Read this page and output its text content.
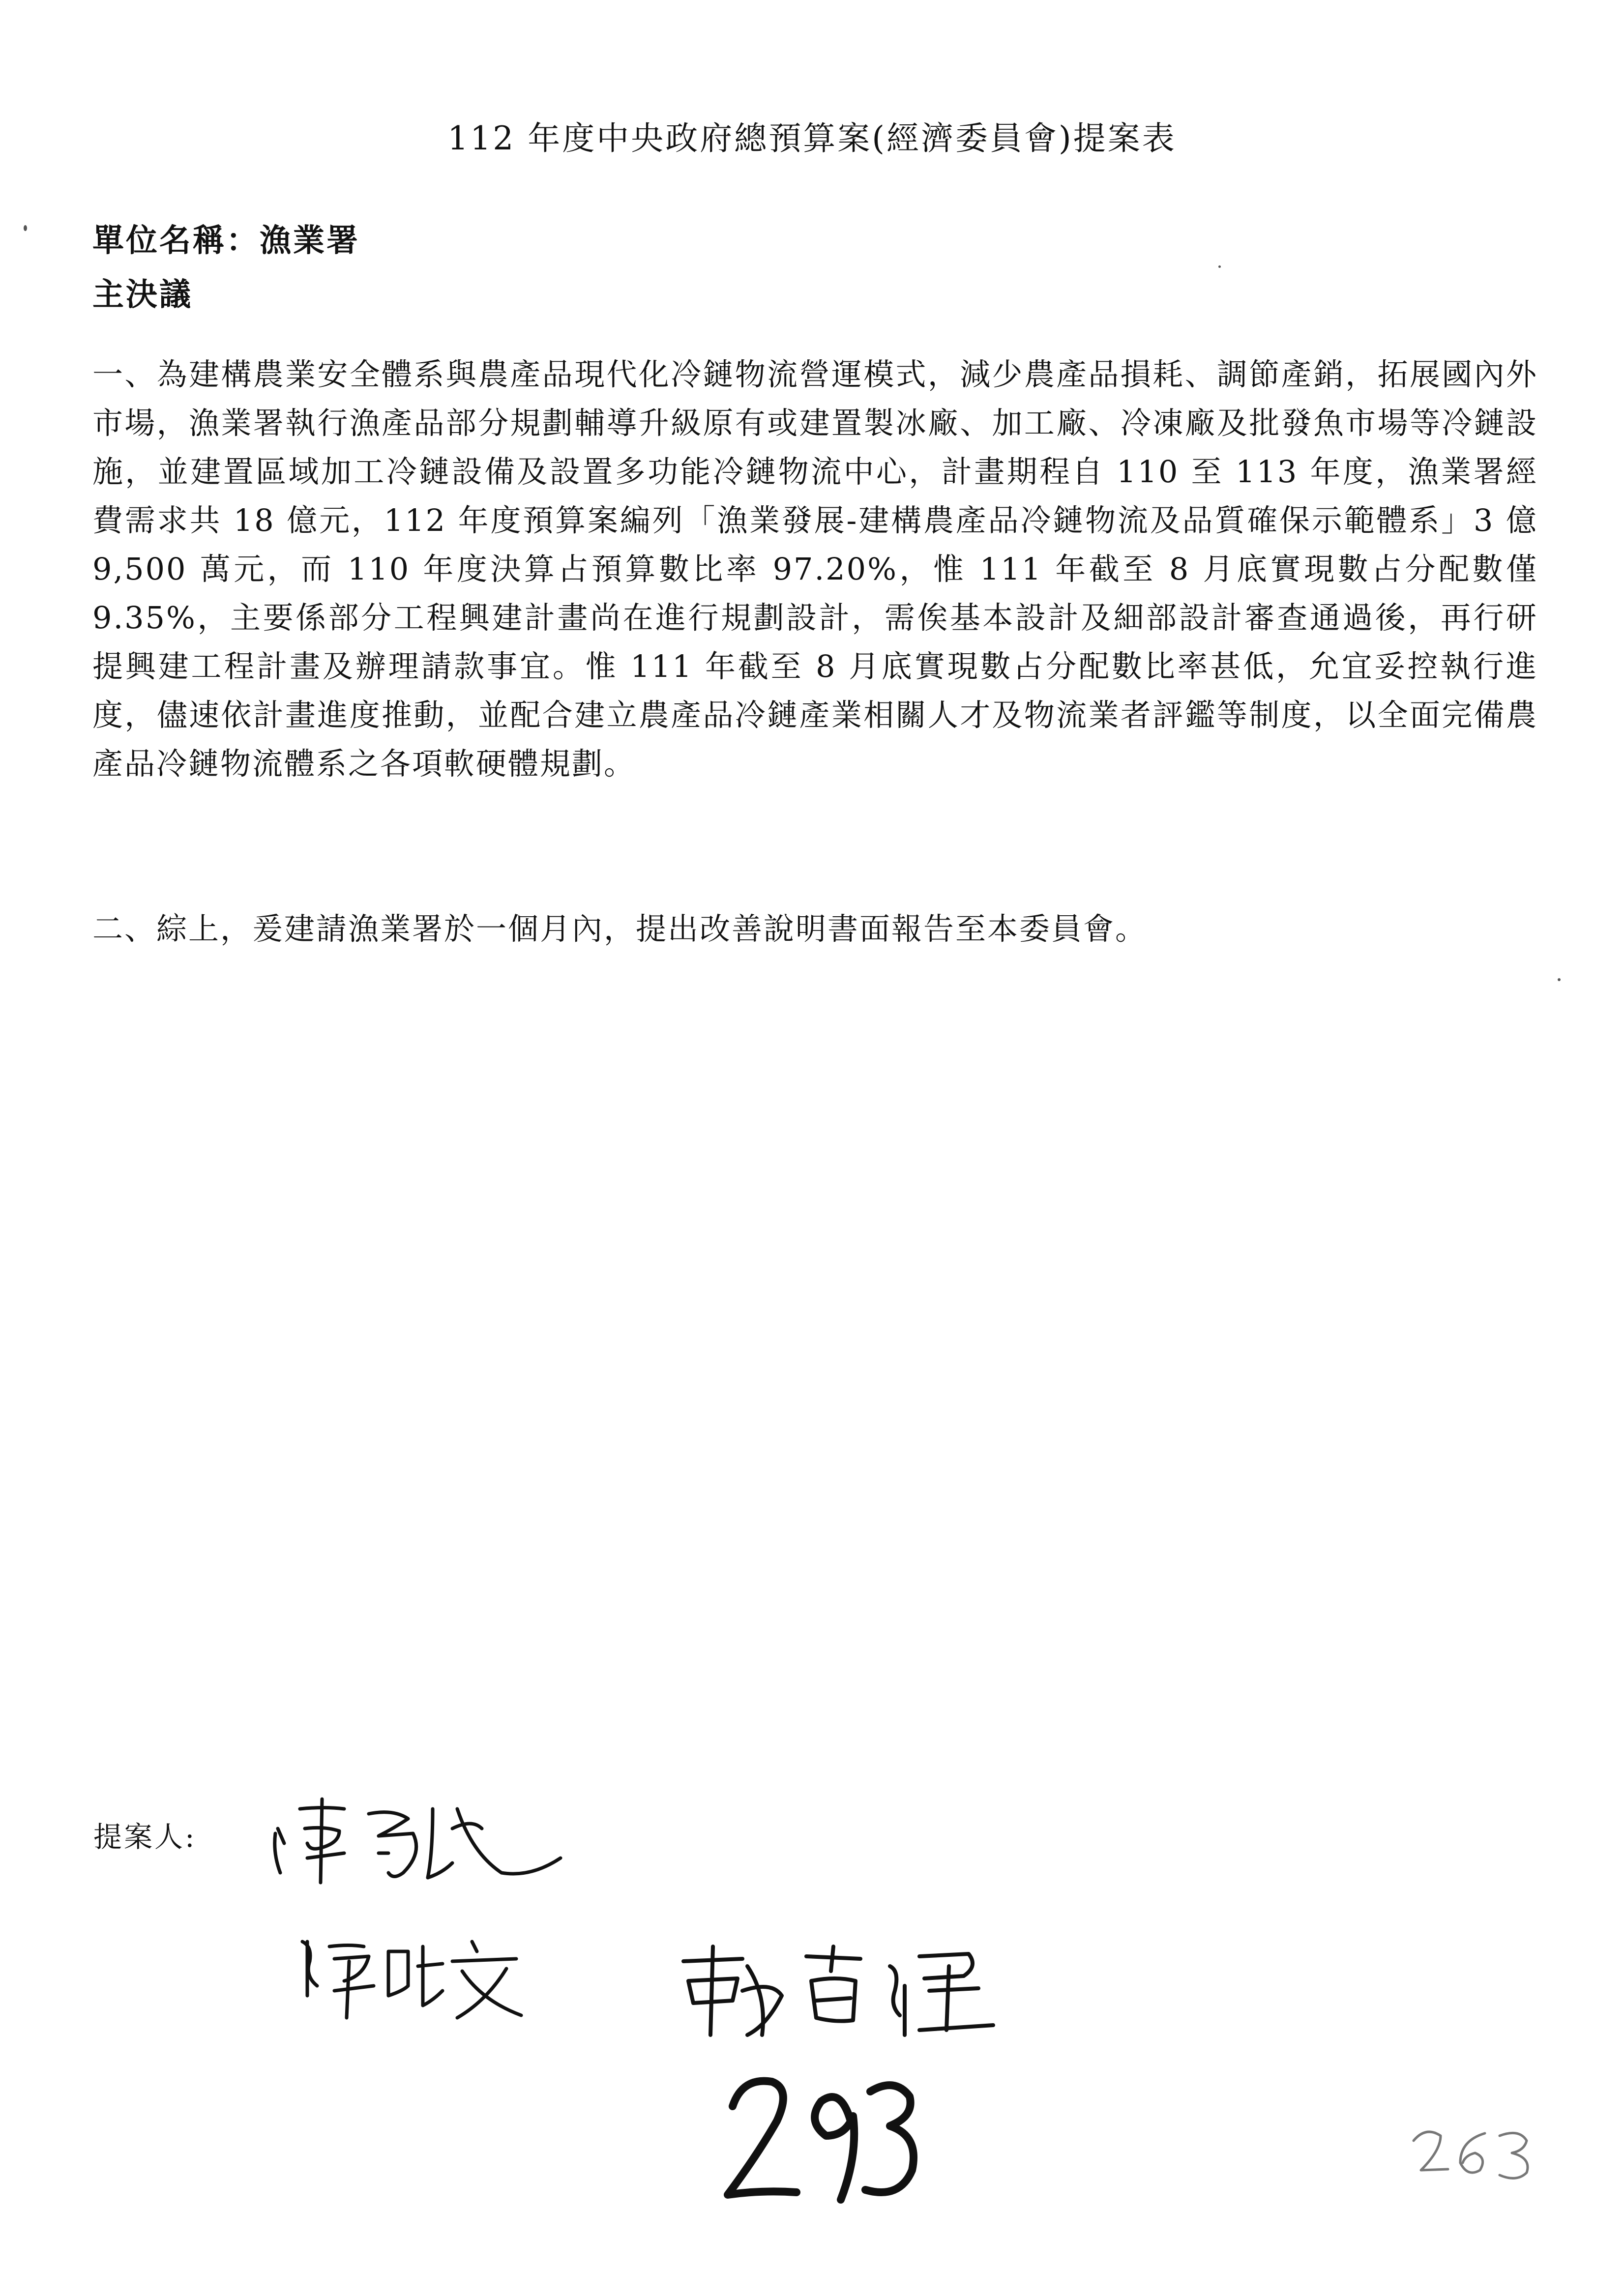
112 年度中央政府總預算案(經濟委員會)提案表
單位名稱：漁業署
主決議
一、為建構農業安全體系與農產品現代化冷鏈物流營運模式，減少農產品損耗、調節產銷，拓展國內外市場，漁業署執行漁產品部分規劃輔導升級原有或建置製冰廠、加工廠、冷凍廠及批發魚市場等冷鏈設施，並建置區域加工冷鏈設備及設置多功能冷鏈物流中心，計畫期程自 110 至 113 年度，漁業署經費需求共 18 億元，112 年度預算案編列「漁業發展-建構農產品冷鏈物流及品質確保示範體系」3 億 9,500 萬元，而 110 年度決算占預算數比率 97.20%，惟 111 年截至 8 月底實現數占分配數僅 9.35%，主要係部分工程興建計畫尚在進行規劃設計，需俟基本設計及細部設計審查通過後，再行研提興建工程計畫及辦理請款事宜。惟 111 年截至 8 月底實現數占分配數比率甚低，允宜妥控執行進度，儘速依計畫進度推動，並配合建立農產品冷鏈產業相關人才及物流業者評鑑等制度，以全面完備農產品冷鏈物流體系之各項軟硬體規劃。
二、綜上，爰建請漁業署於一個月內，提出改善說明書面報告至本委員會。
提案人:
293
263
